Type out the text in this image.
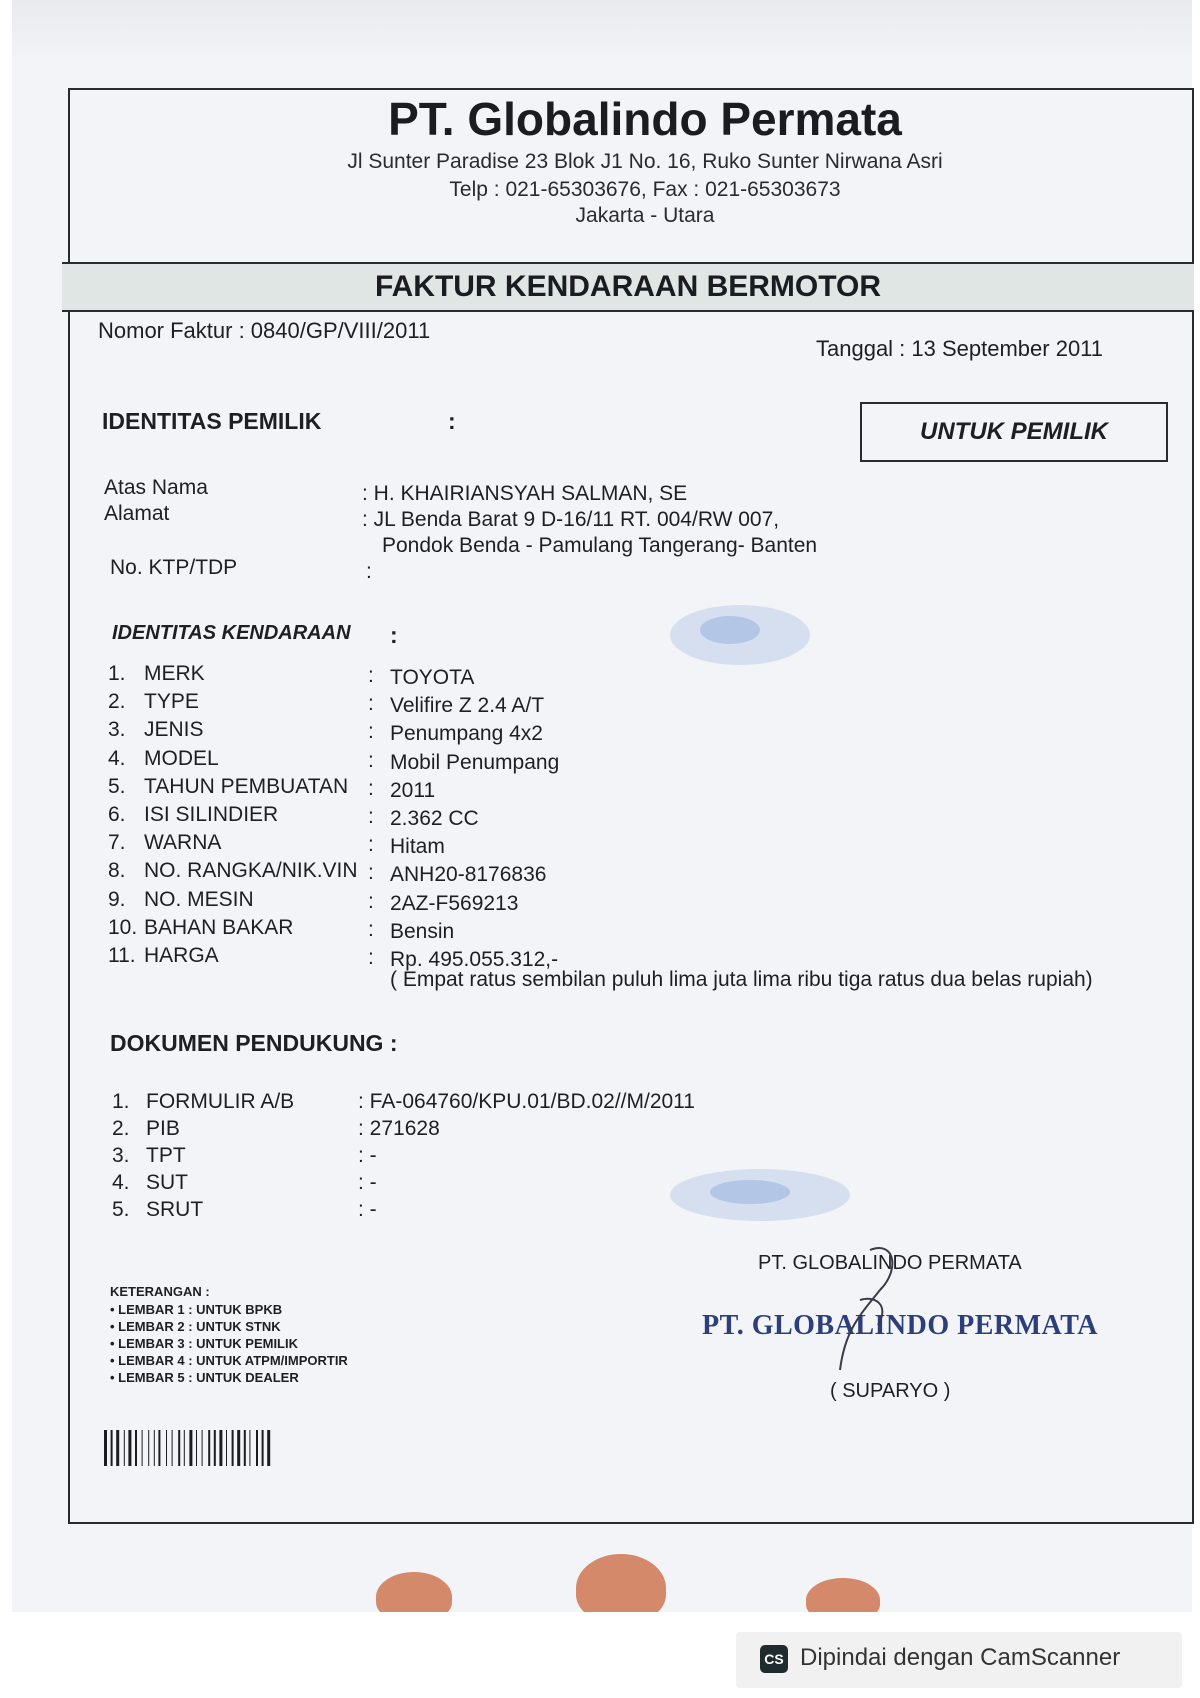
PT. Globalindo Permata
Jl Sunter Paradise 23 Blok J1 No. 16, Ruko Sunter Nirwana Asri
Telp : 021-65303676, Fax : 021-65303673
Jakarta - Utara
FAKTUR KENDARAAN BERMOTOR
Nomor Faktur : 0840/GP/VIII/2011
Tanggal : 13 September 2011
UNTUK PEMILIK
IDENTITAS PEMILIK	:
Atas Nama	: H. KHAIRIANSYAH SALMAN, SE
Alamat	: JL Benda Barat 9 D-16/11 RT. 004/RW 007,
Pondok Benda - Pamulang Tangerang- Banten
No. KTP/TDP	:
IDENTITAS KENDARAAN :
1. MERK	: TOYOTA
2. TYPE	: Velifire Z 2.4 A/T
3. JENIS	: Penumpang 4x2
4. MODEL	: Mobil Penumpang
5. TAHUN PEMBUATAN : 2011
6. ISI SILINDIER	: 2.362 CC
7. WARNA	: Hitam
8. NO. RANGKA/NIK.VIN : ANH20-8176836
9. NO. MESIN	: 2AZ-F569213
10. BAHAN BAKAR	: Bensin
11. HARGA	: Rp. 495.055.312,-
( Empat ratus sembilan puluh lima juta lima ribu tiga ratus dua belas rupiah)
DOKUMEN PENDUKUNG :
1. FORMULIR A/B	: FA-064760/KPU.01/BD.02//M/2011
2. PIB	: 271628
3. TPT	: -
4. SUT	: -
5. SRUT	: -
PT. GLOBALINDO PERMATA
PT. GLOBALINDO PERMATA
( SUPARYO )
KETERANGAN :
• LEMBAR 1 : UNTUK BPKB
• LEMBAR 2 : UNTUK STNK
• LEMBAR 3 : UNTUK PEMILIK
• LEMBAR 4 : UNTUK ATPM/IMPORTIR
• LEMBAR 5 : UNTUK DEALER
CS Dipindai dengan CamScanner
